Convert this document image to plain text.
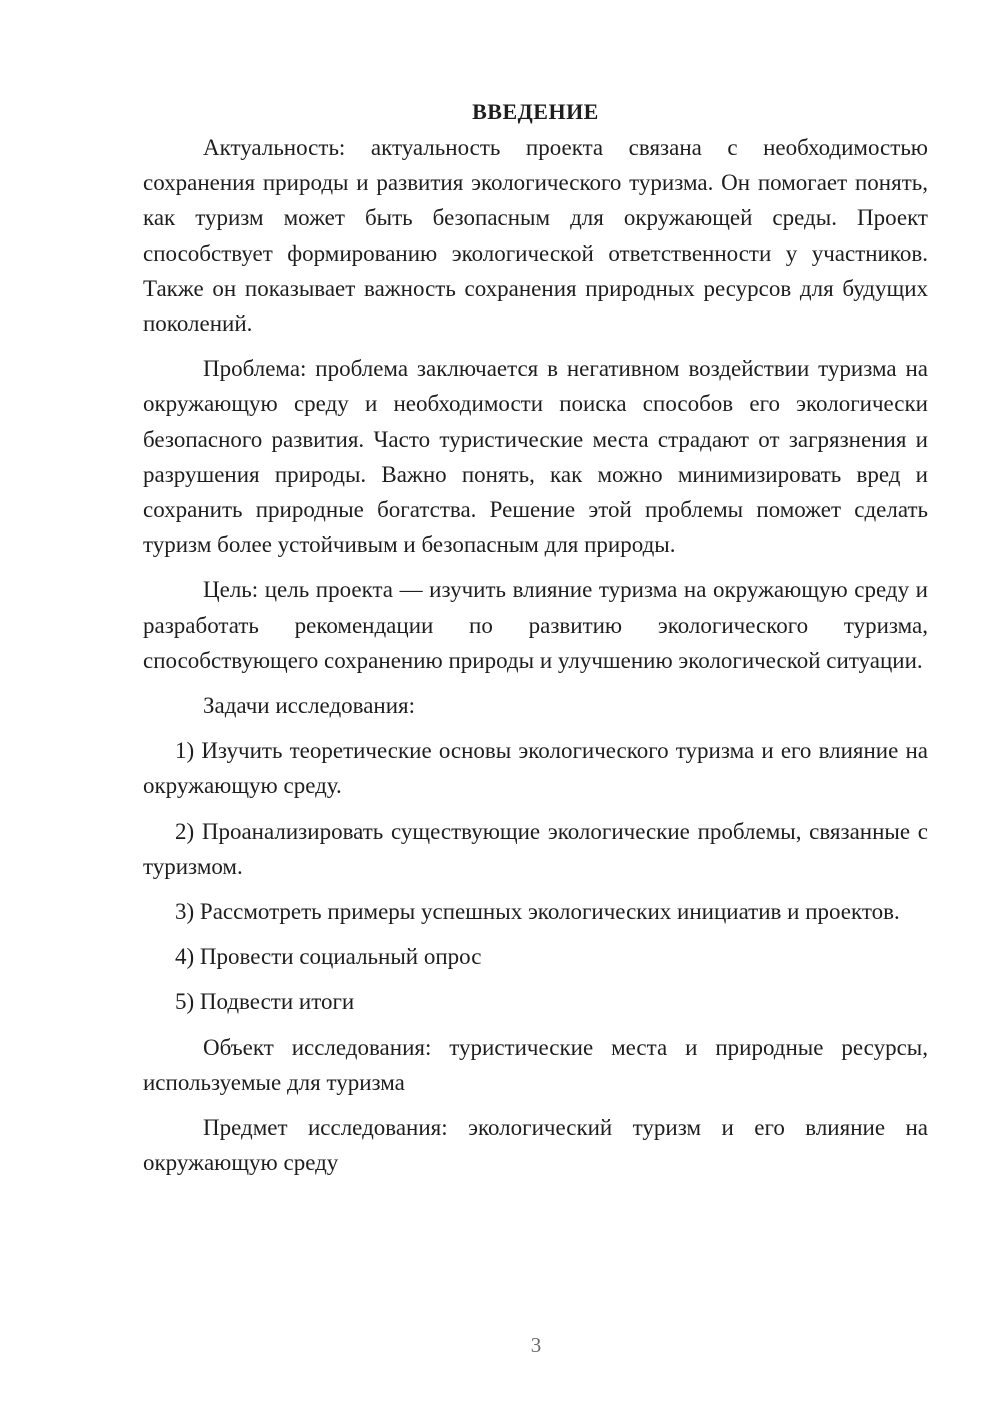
ВВЕДЕНИЕ

Актуальность: актуальность проекта связана с необходимостью сохранения природы и развития экологического туризма. Он помогает понять, как туризм может быть безопасным для окружающей среды. Проект способствует формированию экологической ответственности у участников. Также он показывает важность сохранения природных ресурсов для будущих поколений.

Проблема: проблема заключается в негативном воздействии туризма на окружающую среду и необходимости поиска способов его экологически безопасного развития. Часто туристические места страдают от загрязнения и разрушения природы. Важно понять, как можно минимизировать вред и сохранить природные богатства. Решение этой проблемы поможет сделать туризм более устойчивым и безопасным для природы.

Цель: цель проекта — изучить влияние туризма на окружающую среду и разработать рекомендации по развитию экологического туризма, способствующего сохранению природы и улучшению экологической ситуации.

Задачи исследования:

1) Изучить теоретические основы экологического туризма и его влияние на окружающую среду.

2) Проанализировать существующие экологические проблемы, связанные с туризмом.

3) Рассмотреть примеры успешных экологических инициатив и проектов.

4) Провести социальный опрос

5) Подвести итоги

Объект исследования: туристические места и природные ресурсы, используемые для туризма

Предмет исследования: экологический туризм и его влияние на окружающую среду

3
